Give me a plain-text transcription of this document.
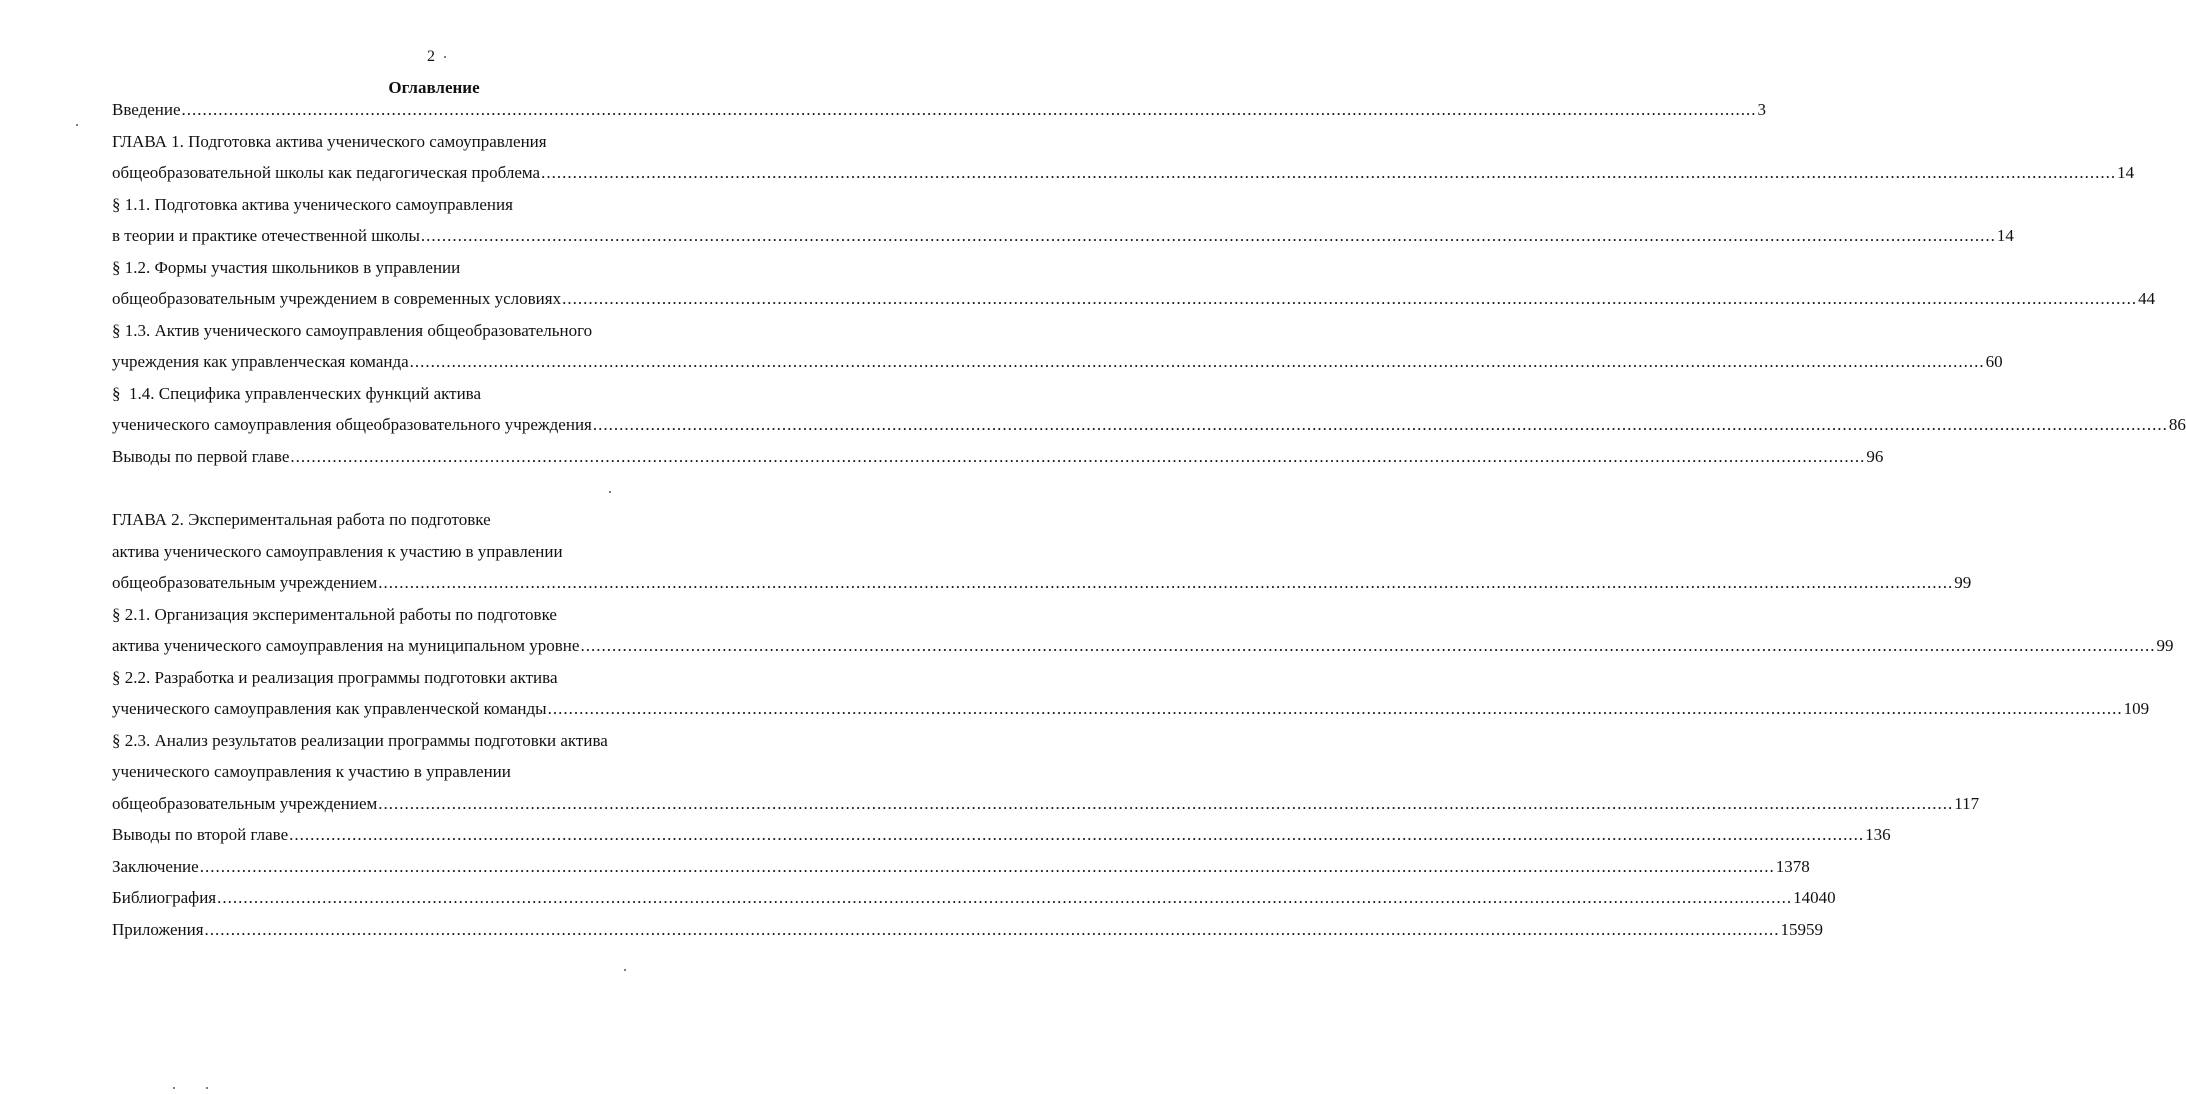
2
Оглавление
Введение ............................................................................................................................................................................................................................................................................................................ 3
ГЛАВА 1. Подготовка актива ученического самоуправления
общеобразовательной школы как педагогическая проблема ............................................................................................................................................................................................................................................................................................................ 14
§ 1.1. Подготовка актива ученического самоуправления
в теории и практике отечественной школы ............................................................................................................................................................................................................................................................................................................ 14
§ 1.2. Формы участия школьников в управлении
общеобразовательным учреждением в современных условиях ............................................................................................................................................................................................................................................................................................................ 44
§ 1.3. Актив ученического самоуправления общеобразовательного
учреждения как управленческая команда ............................................................................................................................................................................................................................................................................................................ 60
§  1.4. Специфика управленческих функций актива
ученического самоуправления общеобразовательного учреждения ............................................................................................................................................................................................................................................................................................................ 86
Выводы по первой главе ............................................................................................................................................................................................................................................................................................................ 96
ГЛАВА 2. Экспериментальная работа по подготовке
актива ученического самоуправления к участию в управлении
общеобразовательным учреждением ............................................................................................................................................................................................................................................................................................................ 99
§ 2.1. Организация экспериментальной работы по подготовке
актива ученического самоуправления на муниципальном уровне ............................................................................................................................................................................................................................................................................................................ 99
§ 2.2. Разработка и реализация программы подготовки актива
ученического самоуправления как управленческой команды ............................................................................................................................................................................................................................................................................................................ 109
§ 2.3. Анализ результатов реализации программы подготовки актива
ученического самоуправления к участию в управлении
общеобразовательным учреждением ............................................................................................................................................................................................................................................................................................................ 117
Выводы по второй главе ............................................................................................................................................................................................................................................................................................................ 136
Заключение ............................................................................................................................................................................................................................................................................................................ 1378
Библиография ............................................................................................................................................................................................................................................................................................................ 14040
Приложения ............................................................................................................................................................................................................................................................................................................ 15959
